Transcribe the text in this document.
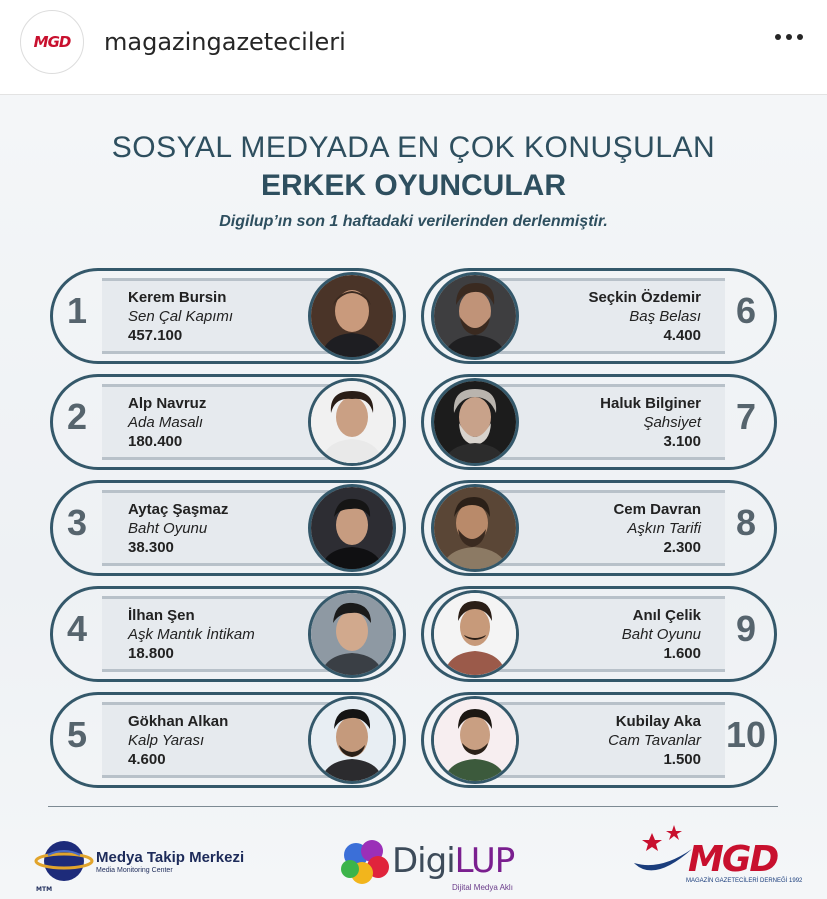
MGD magazingazetecileri
SOSYAL MEDYADA EN ÇOK KONUŞULAN
ERKEK OYUNCULAR
Digilup’ın son 1 haftadaki verilerinden derlenmiştir.
1	Kerem Bursin
Sen Çal Kapımı
457.100
2	Alp Navruz
Ada Masalı
180.400
3	Aytaç Şaşmaz
Baht Oyunu
38.300
4	İlhan Şen
Aşk Mantık İntikam
18.800
5	Gökhan Alkan
Kalp Yarası
4.600
6
Seçkin Özdemir
Baş Belası
4.400
7
Haluk Bilginer
Şahsiyet
3.100
8
Cem Davran
Aşkın Tarifi
2.300
9
Anıl Çelik
Baht Oyunu
1.600
10
Kubilay Aka
Cam Tavanlar
1.500
MTM
Medya Takip Merkezi
Media Monitoring Center	DigiLUP
Dijital Medya Aklı
MGD
MAGAZİN GAZETECİLERİ DERNEĞİ 1992
